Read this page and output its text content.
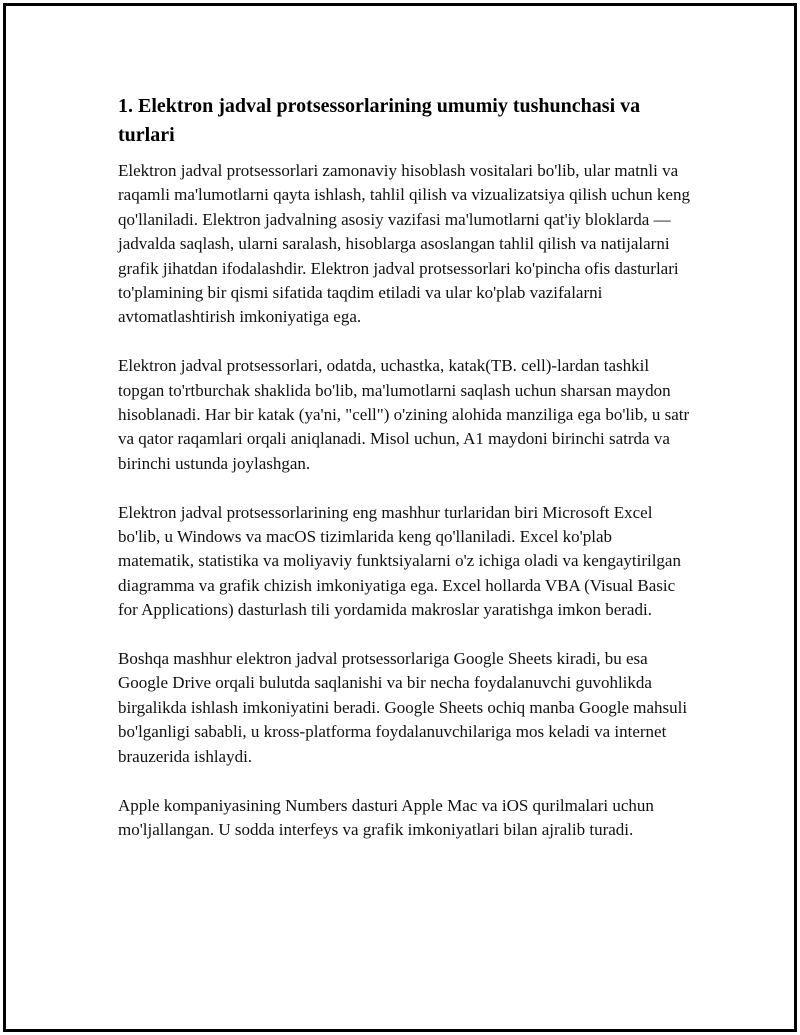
1. Elektron jadval protsessorlarining umumiy tushunchasi va turlari

Elektron jadval protsessorlari zamonaviy hisoblash vositalari bo'lib, ular matnli va raqamli ma'lumotlarni qayta ishlash, tahlil qilish va vizualizatsiya qilish uchun keng qo'llaniladi. Elektron jadvalning asosiy vazifasi ma'lumotlarni qat'iy bloklarda — jadvalda saqlash, ularni saralash, hisoblarga asoslangan tahlil qilish va natijalarni grafik jihatdan ifodalashdir. Elektron jadval protsessorlari ko'pincha ofis dasturlari to'plamining bir qismi sifatida taqdim etiladi va ular ko'plab vazifalarni avtomatlashtirish imkoniyatiga ega.

Elektron jadval protsessorlari, odatda, uchastka, katak(TB. cell)-lardan tashkil topgan to'rtburchak shaklida bo'lib, ma'lumotlarni saqlash uchun sharsan maydon hisoblanadi. Har bir katak (ya'ni, "cell") o'zining alohida manziliga ega bo'lib, u satr va qator raqamlari orqali aniqlanadi. Misol uchun, A1 maydoni birinchi satrda va birinchi ustunda joylashgan.

Elektron jadval protsessorlarining eng mashhur turlaridan biri Microsoft Excel bo'lib, u Windows va macOS tizimlarida keng qo'llaniladi. Excel ko'plab matematik, statistika va moliyaviy funktsiyalarni o'z ichiga oladi va kengaytirilgan diagramma va grafik chizish imkoniyatiga ega. Excel hollarda VBA (Visual Basic for Applications) dasturlash tili yordamida makroslar yaratishga imkon beradi.

Boshqa mashhur elektron jadval protsessorlariga Google Sheets kiradi, bu esa Google Drive orqali bulutda saqlanishi va bir necha foydalanuvchi guvohlikda birgalikda ishlash imkoniyatini beradi. Google Sheets ochiq manba Google mahsuli bo'lganligi sababli, u kross-platforma foydalanuvchilariga mos keladi va internet brauzerida ishlaydi.

Apple kompaniyasining Numbers dasturi Apple Mac va iOS qurilmalari uchun mo'ljallangan. U sodda interfeys va grafik imkoniyatlari bilan ajralib turadi.
